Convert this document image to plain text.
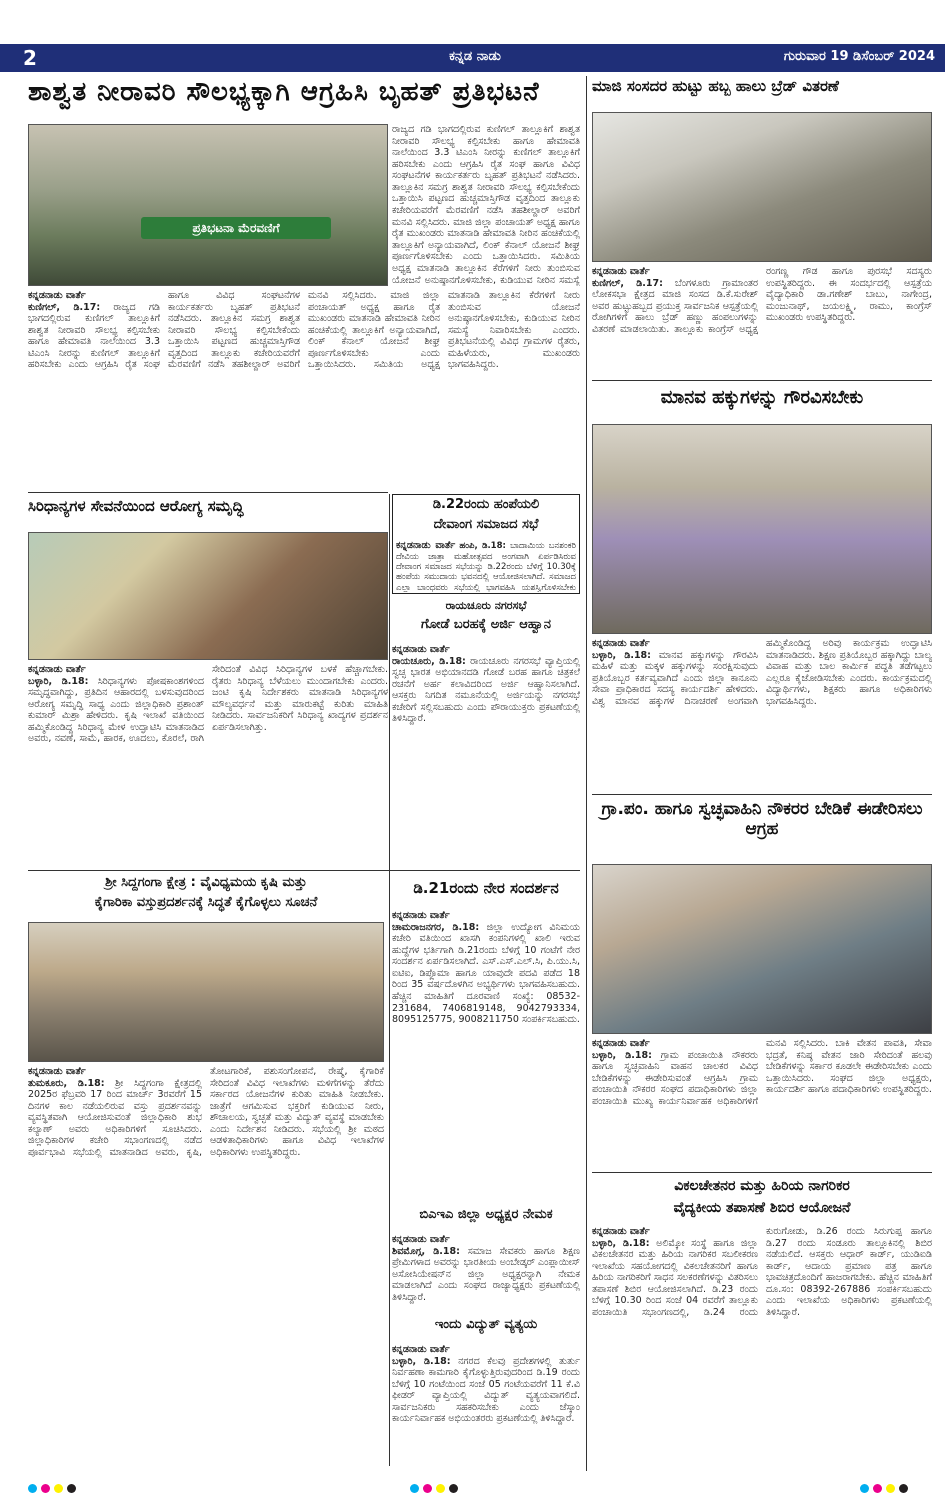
2	ಕನ್ನಡ ನಾಡು	ಗುರುವಾರ 19 ಡಿಸೆಂಬರ್ 2024
ಶಾಶ್ವತ ನೀರಾವರಿ ಸೌಲಭ್ಯಕ್ಕಾಗಿ ಆಗ್ರಹಿಸಿ ಬೃಹತ್ ಪ್ರತಿಭಟನೆ
ಪ್ರತಿಭಟನಾ ಮೆರವಣಿಗೆ
ಕನ್ನಡನಾಡು ವಾರ್ತೆ
ಕುಣಿಗಲ್, ಡಿ.17: ರಾಜ್ಯದ ಗಡಿ ಭಾಗದಲ್ಲಿರುವ ಕುಣಿಗಲ್ ತಾಲ್ಲೂಕಿಗೆ ಶಾಶ್ವತ ನೀರಾವರಿ ಸೌಲಭ್ಯ ಕಲ್ಪಿಸಬೇಕು ಹಾಗೂ ಹೇಮಾವತಿ ನಾಲೆಯಿಂದ 3.3 ಟಿಎಂಸಿ ನೀರನ್ನು ಕುಣಿಗಲ್ ತಾಲ್ಲೂಕಿಗೆ ಹರಿಸಬೇಕು ಎಂದು ಆಗ್ರಹಿಸಿ ರೈತ ಸಂಘ ಹಾಗೂ ವಿವಿಧ ಸಂಘಟನೆಗಳ ಕಾರ್ಯಕರ್ತರು ಬೃಹತ್ ಪ್ರತಿಭಟನೆ ನಡೆಸಿದರು. ತಾಲ್ಲೂಕಿನ ಸಮಗ್ರ ಶಾಶ್ವತ ನೀರಾವರಿ ಸೌಲಭ್ಯ ಕಲ್ಪಿಸಬೇಕೆಂದು ಒತ್ತಾಯಿಸಿ ಪಟ್ಟಣದ ಹುಚ್ಚಮಾಸ್ತಿಗೌಡ ವೃತ್ತದಿಂದ ತಾಲ್ಲೂಕು ಕಚೇರಿಯವರೆಗೆ ಮೆರವಣಿಗೆ ನಡೆಸಿ ತಹಶೀಲ್ದಾರ್ ಅವರಿಗೆ ಮನವಿ ಸಲ್ಲಿಸಿದರು. ಮಾಜಿ ಜಿಲ್ಲಾ ಪಂಚಾಯತ್ ಅಧ್ಯಕ್ಷ ಹಾಗೂ ರೈತ ಮುಖಂಡರು ಮಾತನಾಡಿ ಹೇಮಾವತಿ ನೀರಿನ ಹಂಚಿಕೆಯಲ್ಲಿ ತಾಲ್ಲೂಕಿಗೆ ಅನ್ಯಾಯವಾಗಿದೆ, ಲಿಂಕ್ ಕೆನಾಲ್ ಯೋಜನೆ ಶೀಘ್ರ ಪೂರ್ಣಗೊಳಿಸಬೇಕು ಎಂದು ಒತ್ತಾಯಿಸಿದರು. ಸಮಿತಿಯ ಅಧ್ಯಕ್ಷ ಮಾತನಾಡಿ ತಾಲ್ಲೂಕಿನ ಕೆರೆಗಳಿಗೆ ನೀರು ತುಂಬಿಸುವ ಯೋಜನೆ ಅನುಷ್ಠಾನಗೊಳಿಸಬೇಕು, ಕುಡಿಯುವ ನೀರಿನ ಸಮಸ್ಯೆ ನಿವಾರಿಸಬೇಕು ಎಂದರು. ಪ್ರತಿಭಟನೆಯಲ್ಲಿ ವಿವಿಧ ಗ್ರಾಮಗಳ ರೈತರು, ಮಹಿಳೆಯರು, ಮುಖಂಡರು ಭಾಗವಹಿಸಿದ್ದರು.
ರಾಜ್ಯದ ಗಡಿ ಭಾಗದಲ್ಲಿರುವ ಕುಣಿಗಲ್ ತಾಲ್ಲೂಕಿಗೆ ಶಾಶ್ವತ ನೀರಾವರಿ ಸೌಲಭ್ಯ ಕಲ್ಪಿಸಬೇಕು ಹಾಗೂ ಹೇಮಾವತಿ ನಾಲೆಯಿಂದ 3.3 ಟಿಎಂಸಿ ನೀರನ್ನು ಕುಣಿಗಲ್ ತಾಲ್ಲೂಕಿಗೆ ಹರಿಸಬೇಕು ಎಂದು ಆಗ್ರಹಿಸಿ ರೈತ ಸಂಘ ಹಾಗೂ ವಿವಿಧ ಸಂಘಟನೆಗಳ ಕಾರ್ಯಕರ್ತರು ಬೃಹತ್ ಪ್ರತಿಭಟನೆ ನಡೆಸಿದರು. ತಾಲ್ಲೂಕಿನ ಸಮಗ್ರ ಶಾಶ್ವತ ನೀರಾವರಿ ಸೌಲಭ್ಯ ಕಲ್ಪಿಸಬೇಕೆಂದು ಒತ್ತಾಯಿಸಿ ಪಟ್ಟಣದ ಹುಚ್ಚಮಾಸ್ತಿಗೌಡ ವೃತ್ತದಿಂದ ತಾಲ್ಲೂಕು ಕಚೇರಿಯವರೆಗೆ ಮೆರವಣಿಗೆ ನಡೆಸಿ ತಹಶೀಲ್ದಾರ್ ಅವರಿಗೆ ಮನವಿ ಸಲ್ಲಿಸಿದರು. ಮಾಜಿ ಜಿಲ್ಲಾ ಪಂಚಾಯತ್ ಅಧ್ಯಕ್ಷ ಹಾಗೂ ರೈತ ಮುಖಂಡರು ಮಾತನಾಡಿ ಹೇಮಾವತಿ ನೀರಿನ ಹಂಚಿಕೆಯಲ್ಲಿ ತಾಲ್ಲೂಕಿಗೆ ಅನ್ಯಾಯವಾಗಿದೆ, ಲಿಂಕ್ ಕೆನಾಲ್ ಯೋಜನೆ ಶೀಘ್ರ ಪೂರ್ಣಗೊಳಿಸಬೇಕು ಎಂದು ಒತ್ತಾಯಿಸಿದರು. ಸಮಿತಿಯ ಅಧ್ಯಕ್ಷ ಮಾತನಾಡಿ ತಾಲ್ಲೂಕಿನ ಕೆರೆಗಳಿಗೆ ನೀರು ತುಂಬಿಸುವ ಯೋಜನೆ ಅನುಷ್ಠಾನಗೊಳಿಸಬೇಕು, ಕುಡಿಯುವ ನೀರಿನ ಸಮಸ್ಯೆ
ಮಾಜಿ ಸಂಸದರ ಹುಟ್ಟು ಹಬ್ಬ ಹಾಲು ಬ್ರೆಡ್ ವಿತರಣೆ
ಕನ್ನಡನಾಡು ವಾರ್ತೆ
ಕುಣಿಗಲ್, ಡಿ.17: ಬೆಂಗಳೂರು ಗ್ರಾಮಾಂತರ ಲೋಕಸಭಾ ಕ್ಷೇತ್ರದ ಮಾಜಿ ಸಂಸದ ಡಿ.ಕೆ.ಸುರೇಶ್ ಅವರ ಹುಟ್ಟುಹಬ್ಬದ ಪ್ರಯುಕ್ತ ಸಾರ್ವಜನಿಕ ಆಸ್ಪತ್ರೆಯಲ್ಲಿ ರೋಗಿಗಳಿಗೆ ಹಾಲು ಬ್ರೆಡ್ ಹಣ್ಣು ಹಂಪಲುಗಳನ್ನು ವಿತರಣೆ ಮಾಡಲಾಯಿತು. ತಾಲ್ಲೂಕು ಕಾಂಗ್ರೆಸ್ ಅಧ್ಯಕ್ಷ ರಂಗಣ್ಣ ಗೌಡ ಹಾಗೂ ಪುರಸಭೆ ಸದಸ್ಯರು ಉಪಸ್ಥಿತರಿದ್ದರು. ಈ ಸಂದರ್ಭದಲ್ಲಿ ಆಸ್ಪತ್ರೆಯ ವೈದ್ಯಾಧಿಕಾರಿ ಡಾ.ಗಣೇಶ್ ಬಾಬು, ನಾಗೇಂದ್ರ, ಮಂಜುನಾಥ್, ಜಯಲಕ್ಷ್ಮಿ, ರಾಮು, ಕಾಂಗ್ರೆಸ್ ಮುಖಂಡರು ಉಪಸ್ಥಿತರಿದ್ದರು.
ಮಾನವ ಹಕ್ಕುಗಳನ್ನು ಗೌರವಿಸಬೇಕು
ಕನ್ನಡನಾಡು ವಾರ್ತೆ
ಬಳ್ಳಾರಿ, ಡಿ.18: ಮಾನವ ಹಕ್ಕುಗಳನ್ನು ಗೌರವಿಸಿ ಮಹಿಳೆ ಮತ್ತು ಮಕ್ಕಳ ಹಕ್ಕುಗಳನ್ನು ಸಂರಕ್ಷಿಸುವುದು ಪ್ರತಿಯೊಬ್ಬರ ಕರ್ತವ್ಯವಾಗಿದೆ ಎಂದು ಜಿಲ್ಲಾ ಕಾನೂನು ಸೇವಾ ಪ್ರಾಧಿಕಾರದ ಸದಸ್ಯ ಕಾರ್ಯದರ್ಶಿ ಹೇಳಿದರು. ವಿಶ್ವ ಮಾನವ ಹಕ್ಕುಗಳ ದಿನಾಚರಣೆ ಅಂಗವಾಗಿ ಹಮ್ಮಿಕೊಂಡಿದ್ದ ಅರಿವು ಕಾರ್ಯಕ್ರಮ ಉದ್ಘಾಟಿಸಿ ಮಾತನಾಡಿದರು. ಶಿಕ್ಷಣ ಪ್ರತಿಯೊಬ್ಬರ ಹಕ್ಕಾಗಿದ್ದು ಬಾಲ್ಯ ವಿವಾಹ ಮತ್ತು ಬಾಲ ಕಾರ್ಮಿಕ ಪದ್ಧತಿ ತಡೆಗಟ್ಟಲು ಎಲ್ಲರೂ ಕೈಜೋಡಿಸಬೇಕು ಎಂದರು. ಕಾರ್ಯಕ್ರಮದಲ್ಲಿ ವಿದ್ಯಾರ್ಥಿಗಳು, ಶಿಕ್ಷಕರು ಹಾಗೂ ಅಧಿಕಾರಿಗಳು ಭಾಗವಹಿಸಿದ್ದರು.
ಸಿರಿಧಾನ್ಯಗಳ ಸೇವನೆಯಿಂದ ಆರೋಗ್ಯ ಸಮೃದ್ಧಿ
ಕನ್ನಡನಾಡು ವಾರ್ತೆ
ಬಳ್ಳಾರಿ, ಡಿ.18: ಸಿರಿಧಾನ್ಯಗಳು ಪೋಷಕಾಂಶಗಳಿಂದ ಸಮೃದ್ಧವಾಗಿದ್ದು, ಪ್ರತಿದಿನ ಆಹಾರದಲ್ಲಿ ಬಳಸುವುದರಿಂದ ಆರೋಗ್ಯ ಸಮೃದ್ಧಿ ಸಾಧ್ಯ ಎಂದು ಜಿಲ್ಲಾಧಿಕಾರಿ ಪ್ರಶಾಂತ್ ಕುಮಾರ್ ಮಿಶ್ರಾ ಹೇಳಿದರು. ಕೃಷಿ ಇಲಾಖೆ ವತಿಯಿಂದ ಹಮ್ಮಿಕೊಂಡಿದ್ದ ಸಿರಿಧಾನ್ಯ ಮೇಳ ಉದ್ಘಾಟಿಸಿ ಮಾತನಾಡಿದ ಅವರು, ನವಣೆ, ಸಾಮೆ, ಹಾರಕ, ಊದಲು, ಕೊರಲೆ, ರಾಗಿ ಸೇರಿದಂತೆ ವಿವಿಧ ಸಿರಿಧಾನ್ಯಗಳ ಬಳಕೆ ಹೆಚ್ಚಾಗಬೇಕು. ರೈತರು ಸಿರಿಧಾನ್ಯ ಬೆಳೆಯಲು ಮುಂದಾಗಬೇಕು ಎಂದರು. ಜಂಟಿ ಕೃಷಿ ನಿರ್ದೇಶಕರು ಮಾತನಾಡಿ ಸಿರಿಧಾನ್ಯಗಳ ಮೌಲ್ಯವರ್ಧನೆ ಮತ್ತು ಮಾರುಕಟ್ಟೆ ಕುರಿತು ಮಾಹಿತಿ ನೀಡಿದರು. ಸಾರ್ವಜನಿಕರಿಗೆ ಸಿರಿಧಾನ್ಯ ಖಾದ್ಯಗಳ ಪ್ರದರ್ಶನ ಏರ್ಪಡಿಸಲಾಗಿತ್ತು.
ಡಿ.22ರಂದು ಹಂಪೆಯಲಿ
ದೇವಾಂಗ ಸಮಾಜದ ಸಭೆ
ಕನ್ನಡನಾಡು ವಾರ್ತೆ ಹಂಪಿ, ಡಿ.18: ಬಾದಾಮಿಯ ಬನಶಂಕರಿ ದೇವಿಯ ಜಾತ್ರಾ ಮಹೋತ್ಸವದ ಅಂಗವಾಗಿ ಏರ್ಪಡಿಸಿರುವ ದೇವಾಂಗ ಸಮಾಜದ ಸಭೆಯನ್ನು ಡಿ.22ರಂದು ಬೆಳಿಗ್ಗೆ 10.30ಕ್ಕೆ ಹಂಪೆಯ ಸಮುದಾಯ ಭವನದಲ್ಲಿ ಆಯೋಜಿಸಲಾಗಿದೆ. ಸಮಾಜದ ಎಲ್ಲಾ ಬಾಂಧವರು ಸಭೆಯಲ್ಲಿ ಭಾಗವಹಿಸಿ ಯಶಸ್ವಿಗೊಳಿಸಬೇಕು
ರಾಯಚೂರು ನಗರಸಭೆ
ಗೋಡೆ ಬರಹಕ್ಕೆ ಅರ್ಜಿ ಆಹ್ವಾನ
ಕನ್ನಡನಾಡು ವಾರ್ತೆ
ರಾಯಚೂರು, ಡಿ.18: ರಾಯಚೂರು ನಗರಸಭೆ ವ್ಯಾಪ್ತಿಯಲ್ಲಿ ಸ್ವಚ್ಛ ಭಾರತ ಅಭಿಯಾನದಡಿ ಗೋಡೆ ಬರಹ ಹಾಗೂ ಚಿತ್ರಕಲೆ ರಚನೆಗೆ ಅರ್ಹ ಕಲಾವಿದರಿಂದ ಅರ್ಜಿ ಆಹ್ವಾನಿಸಲಾಗಿದೆ. ಆಸಕ್ತರು ನಿಗದಿತ ನಮೂನೆಯಲ್ಲಿ ಅರ್ಜಿಯನ್ನು ನಗರಸಭೆ ಕಚೇರಿಗೆ ಸಲ್ಲಿಸಬಹುದು ಎಂದು ಪೌರಾಯುಕ್ತರು ಪ್ರಕಟಣೆಯಲ್ಲಿ ತಿಳಿಸಿದ್ದಾರೆ.
ಗ್ರಾ.ಪಂ. ಹಾಗೂ ಸ್ವಚ್ಛವಾಹಿನಿ ನೌಕರರ ಬೇಡಿಕೆ ಈಡೇರಿಸಲು ಆಗ್ರಹ
ಕನ್ನಡನಾಡು ವಾರ್ತೆ
ಬಳ್ಳಾರಿ, ಡಿ.18: ಗ್ರಾಮ ಪಂಚಾಯಿತಿ ನೌಕರರು ಹಾಗೂ ಸ್ವಚ್ಛವಾಹಿನಿ ವಾಹನ ಚಾಲಕರ ವಿವಿಧ ಬೇಡಿಕೆಗಳನ್ನು ಈಡೇರಿಸುವಂತೆ ಆಗ್ರಹಿಸಿ ಗ್ರಾಮ ಪಂಚಾಯಿತಿ ನೌಕರರ ಸಂಘದ ಪದಾಧಿಕಾರಿಗಳು ಜಿಲ್ಲಾ ಪಂಚಾಯಿತಿ ಮುಖ್ಯ ಕಾರ್ಯನಿರ್ವಾಹಕ ಅಧಿಕಾರಿಗಳಿಗೆ ಮನವಿ ಸಲ್ಲಿಸಿದರು. ಬಾಕಿ ವೇತನ ಪಾವತಿ, ಸೇವಾ ಭದ್ರತೆ, ಕನಿಷ್ಠ ವೇತನ ಜಾರಿ ಸೇರಿದಂತೆ ಹಲವು ಬೇಡಿಕೆಗಳನ್ನು ಸರ್ಕಾರ ಕೂಡಲೇ ಈಡೇರಿಸಬೇಕು ಎಂದು ಒತ್ತಾಯಿಸಿದರು. ಸಂಘದ ಜಿಲ್ಲಾ ಅಧ್ಯಕ್ಷರು, ಕಾರ್ಯದರ್ಶಿ ಹಾಗೂ ಪದಾಧಿಕಾರಿಗಳು ಉಪಸ್ಥಿತರಿದ್ದರು.
ಶ್ರೀ ಸಿದ್ದಗಂಗಾ ಕ್ಷೇತ್ರ : ವೈವಿಧ್ಯಮಯ ಕೃಷಿ ಮತ್ತು
ಕೈಗಾರಿಕಾ ವಸ್ತುಪ್ರದರ್ಶನಕ್ಕೆ ಸಿದ್ಧತೆ ಕೈಗೊಳ್ಳಲು ಸೂಚನೆ
ಕನ್ನಡನಾಡು ವಾರ್ತೆ
ತುಮಕೂರು, ಡಿ.18: ಶ್ರೀ ಸಿದ್ದಗಂಗಾ ಕ್ಷೇತ್ರದಲ್ಲಿ 2025ರ ಫೆಬ್ರವರಿ 17 ರಿಂದ ಮಾರ್ಚ್ 3ರವರೆಗೆ 15 ದಿನಗಳ ಕಾಲ ನಡೆಯಲಿರುವ ವಸ್ತು ಪ್ರದರ್ಶನವನ್ನು ವ್ಯವಸ್ಥಿತವಾಗಿ ಆಯೋಜಿಸುವಂತೆ ಜಿಲ್ಲಾಧಿಕಾರಿ ಶುಭ ಕಲ್ಯಾಣ್ ಅವರು ಅಧಿಕಾರಿಗಳಿಗೆ ಸೂಚಿಸಿದರು. ಜಿಲ್ಲಾಧಿಕಾರಿಗಳ ಕಚೇರಿ ಸಭಾಂಗಣದಲ್ಲಿ ನಡೆದ ಪೂರ್ವಭಾವಿ ಸಭೆಯಲ್ಲಿ ಮಾತನಾಡಿದ ಅವರು, ಕೃಷಿ, ತೋಟಗಾರಿಕೆ, ಪಶುಸಂಗೋಪನೆ, ರೇಷ್ಮೆ, ಕೈಗಾರಿಕೆ ಸೇರಿದಂತೆ ವಿವಿಧ ಇಲಾಖೆಗಳು ಮಳಿಗೆಗಳನ್ನು ತೆರೆದು ಸರ್ಕಾರದ ಯೋಜನೆಗಳ ಕುರಿತು ಮಾಹಿತಿ ನೀಡಬೇಕು. ಜಾತ್ರೆಗೆ ಆಗಮಿಸುವ ಭಕ್ತರಿಗೆ ಕುಡಿಯುವ ನೀರು, ಶೌಚಾಲಯ, ಸ್ವಚ್ಛತೆ ಮತ್ತು ವಿದ್ಯುತ್ ವ್ಯವಸ್ಥೆ ಮಾಡಬೇಕು ಎಂದು ನಿರ್ದೇಶನ ನೀಡಿದರು. ಸಭೆಯಲ್ಲಿ ಶ್ರೀ ಮಠದ ಆಡಳಿತಾಧಿಕಾರಿಗಳು ಹಾಗೂ ವಿವಿಧ ಇಲಾಖೆಗಳ ಅಧಿಕಾರಿಗಳು ಉಪಸ್ಥಿತರಿದ್ದರು.
ಡಿ.21ರಂದು ನೇರ ಸಂದರ್ಶನ
ಕನ್ನಡನಾಡು ವಾರ್ತೆ
ಚಾಮರಾಜನಗರ, ಡಿ.18: ಜಿಲ್ಲಾ ಉದ್ಯೋಗ ವಿನಿಮಯ ಕಚೇರಿ ವತಿಯಿಂದ ಖಾಸಗಿ ಕಂಪನಿಗಳಲ್ಲಿ ಖಾಲಿ ಇರುವ ಹುದ್ದೆಗಳ ಭರ್ತಿಗಾಗಿ ಡಿ.21ರಂದು ಬೆಳಿಗ್ಗೆ 10 ಗಂಟೆಗೆ ನೇರ ಸಂದರ್ಶನ ಏರ್ಪಡಿಸಲಾಗಿದೆ. ಎಸ್.ಎಸ್.ಎಲ್.ಸಿ, ಪಿ.ಯು.ಸಿ, ಐಟಿಐ, ಡಿಪ್ಲೊಮಾ ಹಾಗೂ ಯಾವುದೇ ಪದವಿ ಪಡೆದ 18 ರಿಂದ 35 ವರ್ಷದೊಳಗಿನ ಅಭ್ಯರ್ಥಿಗಳು ಭಾಗವಹಿಸಬಹುದು. ಹೆಚ್ಚಿನ ಮಾಹಿತಿಗೆ ದೂರವಾಣಿ ಸಂಖ್ಯೆ: 08532-231684, 7406819148, 9042793334, 8095125775, 9008211750 ಸಂಪರ್ಕಿಸಬಹುದು.
ಬಿಎಇಎ ಜಿಲ್ಲಾ ಅಧ್ಯಕ್ಷರ ನೇಮಕ
ಕನ್ನಡನಾಡು ವಾರ್ತೆ
ಶಿವಮೊಗ್ಗ, ಡಿ.18: ಸಮಾಜ ಸೇವಕರು ಹಾಗೂ ಶಿಕ್ಷಣ ಪ್ರೇಮಿಗಳಾದ ಅವರನ್ನು ಭಾರತೀಯ ಅಂಬೇಡ್ಕರ್ ಎಂಪ್ಲಾಯೀಸ್ ಅಸೋಸಿಯೇಷನ್‌ನ ಜಿಲ್ಲಾ ಅಧ್ಯಕ್ಷರನ್ನಾಗಿ ನೇಮಕ ಮಾಡಲಾಗಿದೆ ಎಂದು ಸಂಘದ ರಾಜ್ಯಾಧ್ಯಕ್ಷರು ಪ್ರಕಟಣೆಯಲ್ಲಿ ತಿಳಿಸಿದ್ದಾರೆ.
ಇಂದು ವಿದ್ಯುತ್ ವ್ಯತ್ಯಯ
ಕನ್ನಡನಾಡು ವಾರ್ತೆ
ಬಳ್ಳಾರಿ, ಡಿ.18: ನಗರದ ಕೆಲವು ಪ್ರದೇಶಗಳಲ್ಲಿ ತುರ್ತು ನಿರ್ವಹಣಾ ಕಾಮಗಾರಿ ಕೈಗೊಳ್ಳುತ್ತಿರುವುದರಿಂದ ಡಿ.19 ರಂದು ಬೆಳಿಗ್ಗೆ 10 ಗಂಟೆಯಿಂದ ಸಂಜೆ 05 ಗಂಟೆಯವರೆಗೆ 11 ಕೆ.ವಿ ಫೀಡರ್ ವ್ಯಾಪ್ತಿಯಲ್ಲಿ ವಿದ್ಯುತ್ ವ್ಯತ್ಯಯವಾಗಲಿದೆ. ಸಾರ್ವಜನಿಕರು ಸಹಕರಿಸಬೇಕು ಎಂದು ಜೆಸ್ಕಾಂ ಕಾರ್ಯನಿರ್ವಾಹಕ ಅಭಿಯಂತರರು ಪ್ರಕಟಣೆಯಲ್ಲಿ ತಿಳಿಸಿದ್ದಾರೆ.
ವಿಕಲಚೇತನರ ಮತ್ತು ಹಿರಿಯ ನಾಗರಿಕರ
ವೈದ್ಯಕೀಯ ತಪಾಸಣೆ ಶಿಬಿರ ಆಯೋಜನೆ
ಕನ್ನಡನಾಡು ವಾರ್ತೆ
ಬಳ್ಳಾರಿ, ಡಿ.18: ಅಲಿಮ್ಕೋ ಸಂಸ್ಥೆ ಹಾಗೂ ಜಿಲ್ಲಾ ವಿಕಲಚೇತನರ ಮತ್ತು ಹಿರಿಯ ನಾಗರಿಕರ ಸಬಲೀಕರಣ ಇಲಾಖೆಯ ಸಹಯೋಗದಲ್ಲಿ ವಿಕಲಚೇತನರಿಗೆ ಹಾಗೂ ಹಿರಿಯ ನಾಗರಿಕರಿಗೆ ಸಾಧನ ಸಲಕರಣೆಗಳನ್ನು ವಿತರಿಸಲು ತಪಾಸಣೆ ಶಿಬಿರ ಆಯೋಜಿಸಲಾಗಿದೆ. ಡಿ.23 ರಂದು ಬೆಳಿಗ್ಗೆ 10.30 ರಿಂದ ಸಂಜೆ 04 ರವರೆಗೆ ತಾಲ್ಲೂಕು ಪಂಚಾಯಿತಿ ಸಭಾಂಗಣದಲ್ಲಿ, ಡಿ.24 ರಂದು ಕುರುಗೋಡು, ಡಿ.26 ರಂದು ಸಿರುಗುಪ್ಪ ಹಾಗೂ ಡಿ.27 ರಂದು ಸಂಡೂರು ತಾಲ್ಲೂಕಿನಲ್ಲಿ ಶಿಬಿರ ನಡೆಯಲಿದೆ. ಆಸಕ್ತರು ಆಧಾರ್ ಕಾರ್ಡ್, ಯುಡಿಐಡಿ ಕಾರ್ಡ್, ಆದಾಯ ಪ್ರಮಾಣ ಪತ್ರ ಹಾಗೂ ಭಾವಚಿತ್ರದೊಂದಿಗೆ ಹಾಜರಾಗಬೇಕು. ಹೆಚ್ಚಿನ ಮಾಹಿತಿಗೆ ದೂ.ಸಂ: 08392-267886 ಸಂಪರ್ಕಿಸಬಹುದು ಎಂದು ಇಲಾಖೆಯ ಅಧಿಕಾರಿಗಳು ಪ್ರಕಟಣೆಯಲ್ಲಿ ತಿಳಿಸಿದ್ದಾರೆ.
